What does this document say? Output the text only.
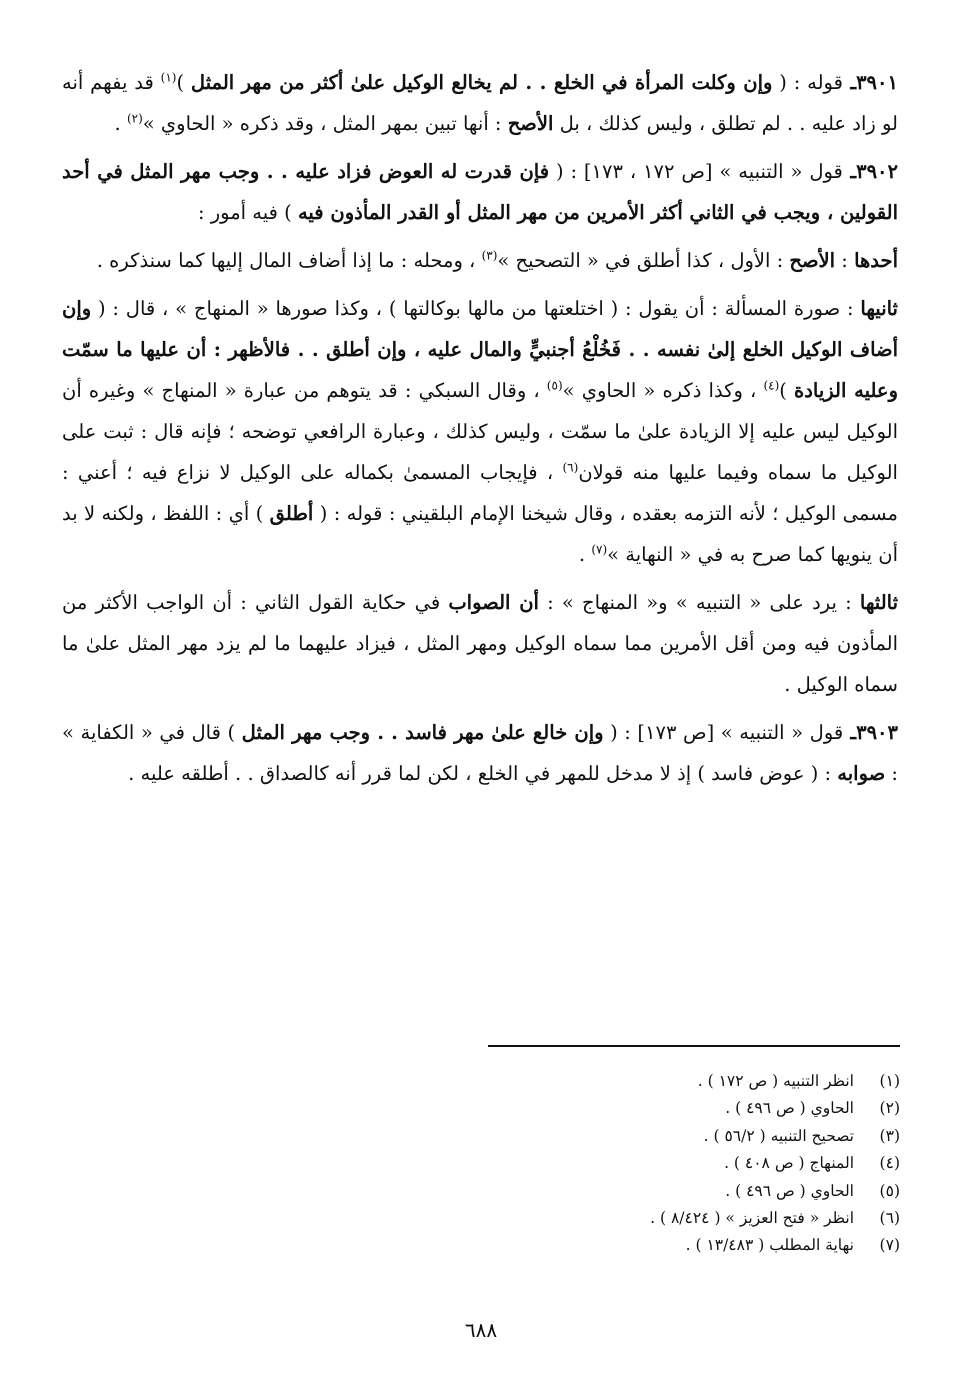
٣٩٠١ـ قوله : ( وإن وكلت المرأة في الخلع . . لم يخالع الوكيل علىٰ أكثر من مهر المثل )$^{(١)}$ قد يفهم أنه لو زاد عليه . . لم تطلق ، وليس كذلك ، بل الأصح : أنها تبين بمهر المثل ، وقد ذكره « الحاوي »$^{(٢)}$ .

٣٩٠٢ـ قول « التنبيه » [ص ١٧٢ ، ١٧٣] : ( فإن قدرت له العوض فزاد عليه . . وجب مهر المثل في أحد القولين ، ويجب في الثاني أكثر الأمرين من مهر المثل أو القدر المأذون فيه ) فيه أمور :

أحدها : الأصح : الأول ، كذا أطلق في « التصحيح »$^{(٣)}$ ، ومحله : ما إذا أضاف المال إليها كما سنذكره .

ثانيها : صورة المسألة : أن يقول : ( اختلعتها من مالها بوكالتها ) ، وكذا صورها « المنهاج » ، قال : ( وإن أضاف الوكيل الخلع إلىٰ نفسه . . فَخُلْعُ أجنبيٍّ والمال عليه ، وإن أطلق . . فالأظهر : أن عليها ما سمّت وعليه الزيادة )$^{(٤)}$ ، وكذا ذكره « الحاوي »$^{(٥)}$ ، وقال السبكي : قد يتوهم من عبارة « المنهاج » وغيره أن الوكيل ليس عليه إلا الزيادة علىٰ ما سمّت ، وليس كذلك ، وعبارة الرافعي توضحه ؛ فإنه قال : ثبت على الوكيل ما سماه وفيما عليها منه قولان$^{(٦)}$ ، فإيجاب المسمىٰ بكماله على الوكيل لا نزاع فيه ؛ أعني : مسمى الوكيل ؛ لأنه التزمه بعقده ، وقال شيخنا الإمام البلقيني : قوله : ( أطلق ) أي : اللفظ ، ولكنه لا بد أن ينويها كما صرح به في « النهاية »$^{(٧)}$ .

ثالثها : يرد على « التنبيه » و« المنهاج » : أن الصواب في حكاية القول الثاني : أن الواجب الأكثر من المأذون فيه ومن أقل الأمرين مما سماه الوكيل ومهر المثل ، فيزاد عليهما ما لم يزد مهر المثل علىٰ ما سماه الوكيل .

٣٩٠٣ـ قول « التنبيه » [ص ١٧٣] : ( وإن خالع علىٰ مهر فاسد . . وجب مهر المثل ) قال في « الكفاية » : صوابه : ( عوض فاسد ) إذ لا مدخل للمهر في الخلع ، لكن لما قرر أنه كالصداق . . أطلقه عليه .

(١)انظر التنبيه ( ص ١٧٢ ) .
(٢)الحاوي ( ص ٤٩٦ ) .
(٣)تصحيح التنبيه ( ٥٦/٢ ) .
(٤)المنهاج ( ص ٤٠٨ ) .
(٥)الحاوي ( ص ٤٩٦ ) .
(٦)انظر « فتح العزيز » ( ٨/٤٢٤ ) .
(٧)نهاية المطلب ( ١٣/٤٨٣ ) .
٦٨٨
